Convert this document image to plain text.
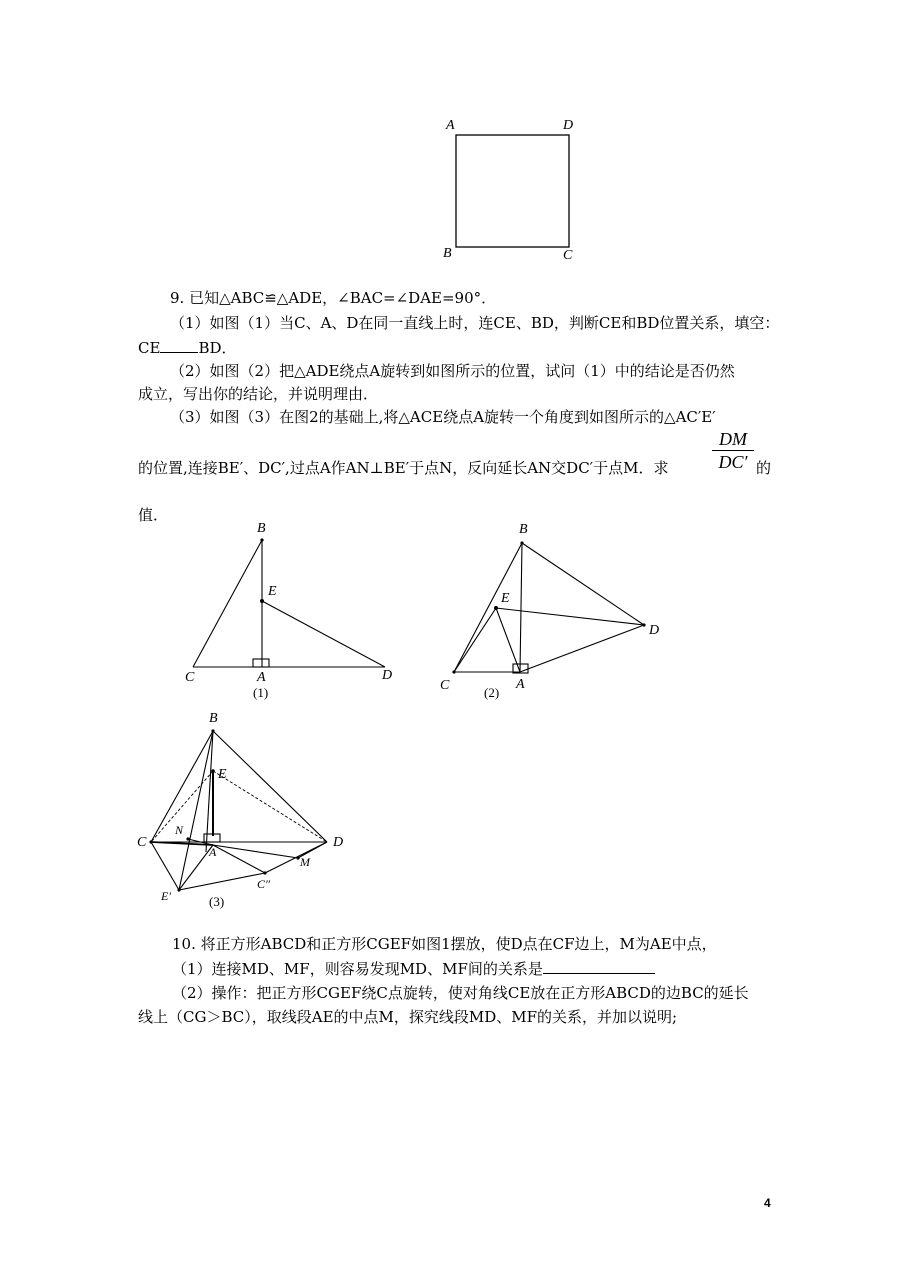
A	D
B	C
9. 已知△ABC≌△ADE，∠BAC=∠DAE=90°．
（1）如图（1）当C、A、D在同一直线上时，连CE、BD，判断CE和BD位置关系，填空：
CE	BD．
（2）如图（2）把△ADE绕点A旋转到如图所示的位置，试问（1）中的结论是否仍然
成立，写出你的结论，并说明理由．
（3）如图（3）在图2的基础上,将△ACE绕点A旋转一个角度到如图所示的△AC′E′
的位置,连接BE′、DC′,过点A作AN⊥BE′于点N，反向延长AN交DC′于点M．求
DM
DC′ 的
值．
B
E
C	A	D
(1)
B
E
C	A
D
(2)
B
E
C
N
A
D
M
E′
C″
(3)
10. 将正方形ABCD和正方形CGEF如图1摆放，使D点在CF边上，M为AE中点，
（1）连接MD、MF，则容易发现MD、MF间的关系是
（2）操作：把正方形CGEF绕C点旋转，使对角线CE放在正方形ABCD的边BC的延长
线上（CG＞BC），取线段AE的中点M，探究线段MD、MF的关系，并加以说明;
4
